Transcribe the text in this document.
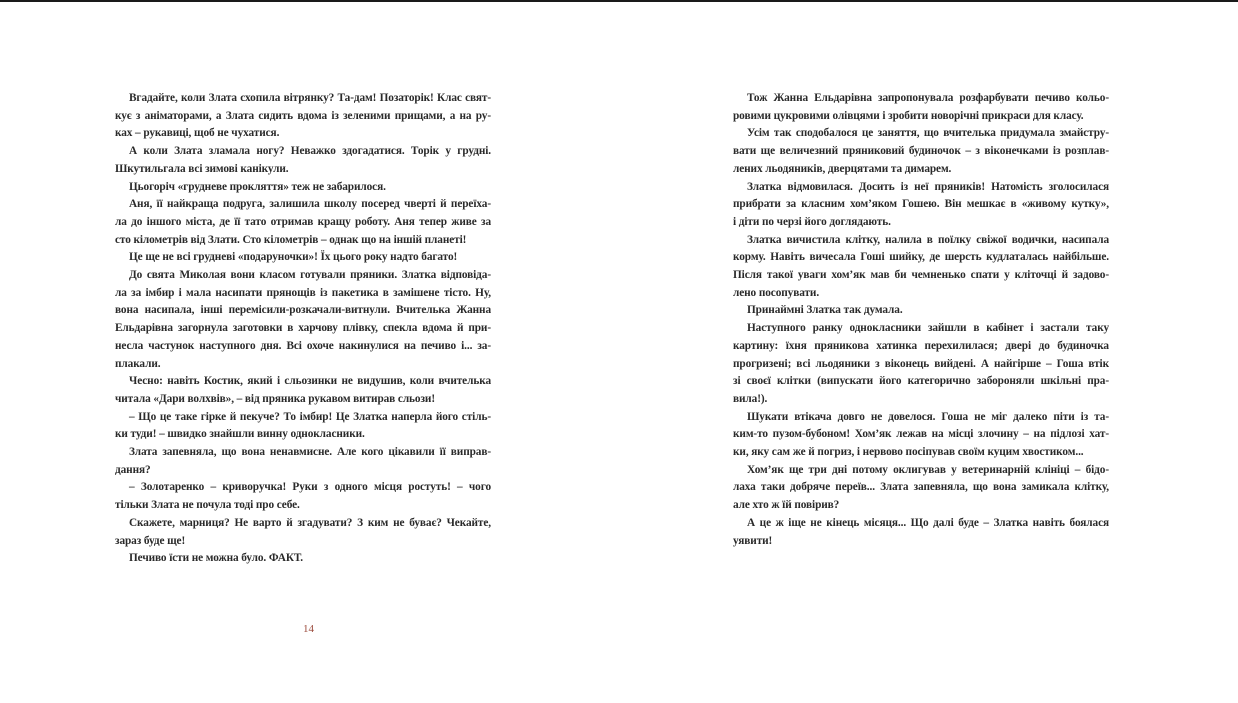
Вгадайте, коли Злата схопила вітрянку? Та-дам! Позаторік! Клас свят-
кує з аніматорами, а Злата сидить вдома із зеленими прищами, а на ру-
ках – рукавиці, щоб не чухатися.
А коли Злата зламала ногу? Неважко здогадатися. Торік у грудні.
Шкутильгала всі зимові канікули.
Цьогоріч «грудневе прокляття» теж не забарилося.
Аня, її найкраща подруга, залишила школу посеред чверті й переїха-
ла до іншого міста, де її тато отримав кращу роботу. Аня тепер живе за
сто кілометрів від Злати. Сто кілометрів – однак що на іншій планеті!
Це ще не всі грудневі «подаруночки»! Їх цього року надто багато!
До свята Миколая вони класом готували пряники. Златка відповіда-
ла за імбир і мала насипати прянощів із пакетика в замішене тісто. Ну,
вона насипала, інші перемісили-розкачали-витнули. Вчителька Жанна
Ельдарівна загорнула заготовки в харчову плівку, спекла вдома й при-
несла частунок наступного дня. Всі охоче накинулися на печиво і... за-
плакали.
Чесно: навіть Костик, який і сльозинки не видушив, коли вчителька
читала «Дари волхвів», – від пряника рукавом витирав сльози!
– Що це таке гірке й пекуче? То імбир! Це Златка наперла його стіль-
ки туди! – швидко знайшли винну однокласники.
Злата запевняла, що вона ненавмисне. Але кого цікавили її виправ-
дання?
– Золотаренко – криворучка! Руки з одного місця ростуть! – чого
тільки Злата не почула тоді про себе.
Скажете, марниця? Не варто й згадувати? З ким не буває? Чекайте,
зараз буде ще!
Печиво їсти не можна було. ФАКТ.
Тож Жанна Ельдарівна запропонувала розфарбувати печиво кольо-
ровими цукровими олівцями і зробити новорічні прикраси для класу.
Усім так сподобалося це заняття, що вчителька придумала змайстру-
вати ще величезний пряниковий будиночок – з віконечками із розплав-
лених льодяників, дверцятами та димарем.
Златка відмовилася. Досить із неї пряників! Натомість зголосилася
прибрати за класним хом’яком Гошею. Він мешкає в «живому кутку»,
і діти по черзі його доглядають.
Златка вичистила клітку, налила в поїлку свіжої водички, насипала
корму. Навіть вичесала Гоші шийку, де шерсть кудлаталась найбільше.
Після такої уваги хом’як мав би чемненько спати у кліточці й задово-
лено посопувати.
Принаймні Златка так думала.
Наступного ранку однокласники зайшли в кабінет і застали таку
картину: їхня пряникова хатинка перехилилася; двері до будиночка
прогризені; всі льодяники з віконець вийдені. А найгірше – Гоша втік
зі своєї клітки (випускати його категорично забороняли шкільні пра-
вила!).
Шукати втікача довго не довелося. Гоша не міг далеко піти із та-
ким-то пузом-бубоном! Хом’як лежав на місці злочину – на підлозі хат-
ки, яку сам же й погриз, і нервово посіпував своїм куцим хвостиком...
Хом’як ще три дні потому оклигував у ветеринарній клініці – бідо-
лаха таки добряче переїв... Злата запевняла, що вона замикала клітку,
але хто ж їй повірив?
А це ж іще не кінець місяця... Що далі буде – Златка навіть боялася
уявити!
14
